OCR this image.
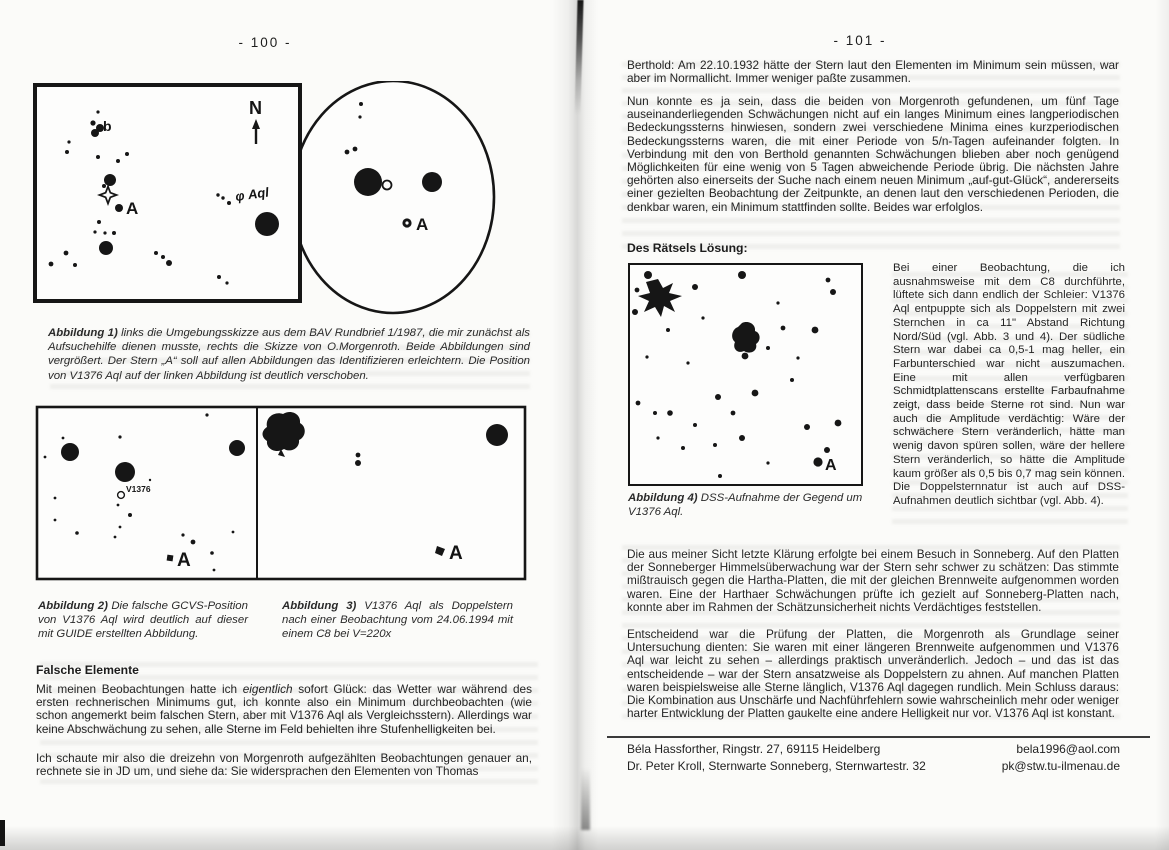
- 100 -
A
N
b
A
φ Aql
Abbildung 1) links die Umgebungsskizze aus dem BAV Rundbrief 1/1987, die mir zunächst als Aufsuchehilfe dienen musste, rechts die Skizze von O.Morgenroth. Beide Abbildungen sind vergrößert. Der Stern „A“ soll auf allen Abbildungen das Identifizieren erleichtern. Die Position von V1376 Aql auf der linken Abbildung ist deutlich verschoben.
V1376
A	A
Abbildung 2) Die falsche GCVS-Position von V1376 Aql wird deutlich auf dieser mit GUIDE erstellten Abbildung.
Abbildung 3) V1376 Aql als Doppelstern nach einer Beobachtung vom 24.06.1994 mit einem C8 bei V=220x
Falsche Elemente
Mit meinen Beobachtungen hatte ich eigentlich sofort Glück: das Wetter war während des ersten rechnerischen Minimums gut, ich konnte also ein Minimum durchbeobachten (wie schon angemerkt beim falschen Stern, aber mit V1376 Aql als Vergleichsstern). Allerdings war keine Abschwächung zu sehen, alle Sterne im Feld behielten ihre Stufenhelligkeiten bei.
Ich schaute mir also die dreizehn von Morgenroth aufgezählten Beobachtungen genauer an, rechnete sie in JD um, und siehe da: Sie widersprachen den Elementen von Thomas
- 101 -
Berthold: Am 22.10.1932 hätte der Stern laut den Elementen im Minimum sein müssen, war aber im Normallicht. Immer weniger paßte zusammen.
Nun konnte es ja sein, dass die beiden von Morgenroth gefundenen, um fünf Tage auseinanderliegenden Schwächungen nicht auf ein langes Minimum eines langperiodischen Bedeckungssterns hinwiesen, sondern zwei verschiedene Minima eines kurzperiodischen Bedeckungssterns waren, die mit einer Periode von 5/n-Tagen aufeinander folgten. In Verbindung mit den von Berthold genannten Schwächungen blieben aber noch genügend Möglichkeiten für eine wenig von 5 Tagen abweichende Periode übrig. Die nächsten Jahre gehörten also einerseits der Suche nach einem neuen Minimum „auf-gut-Glück“, andererseits einer gezielten Beobachtung der Zeitpunkte, an denen laut den verschiedenen Perioden, die denkbar waren, ein Minimum stattfinden sollte. Beides war erfolglos.
Des Rätsels Lösung:
A
Bei einer Beobachtung, die ich ausnahmsweise mit dem C8 durchführte, lüftete sich dann endlich der Schleier: V1376 Aql entpuppte sich als Doppelstern mit zwei Sternchen in ca 11" Abstand Richtung Nord/Süd (vgl. Abb. 3 und 4). Der südliche Stern war dabei ca 0,5-1 mag heller, ein Farbunterschied war nicht auszumachen. Eine mit allen verfügbaren Schmidtplattenscans erstellte Farbaufnahme zeigt, dass beide Sterne rot sind. Nun war auch die Amplitude verdächtig: Wäre der schwächere Stern veränderlich, hätte man wenig davon spüren sollen, wäre der hellere Stern veränderlich, so hätte die Amplitude kaum größer als 0,5 bis 0,7 mag sein können. Die Doppelsternnatur ist auch auf DSS-Aufnahmen deutlich sichtbar (vgl. Abb. 4).
Abbildung 4) DSS-Aufnahme der Gegend um V1376 Aql.
Die aus meiner Sicht letzte Klärung erfolgte bei einem Besuch in Sonneberg. Auf den Platten der Sonneberger Himmelsüberwachung war der Stern sehr schwer zu schätzen: Das stimmte mißtrauisch gegen die Hartha-Platten, die mit der gleichen Brennweite aufgenommen worden waren. Eine der Harthaer Schwächungen prüfte ich gezielt auf Sonneberg-Platten nach, konnte aber im Rahmen der Schätzunsicherheit nichts Verdächtiges feststellen.
Entscheidend war die Prüfung der Platten, die Morgenroth als Grundlage seiner Untersuchung dienten: Sie waren mit einer längeren Brennweite aufgenommen und V1376 Aql war leicht zu sehen – allerdings praktisch unveränderlich. Jedoch – und das ist das entscheidende – war der Stern ansatzweise als Doppelstern zu ahnen. Auf manchen Platten waren beispielsweise alle Sterne länglich, V1376 Aql dagegen rundlich. Mein Schluss daraus: Die Kombination aus Unschärfe und Nachführfehlern sowie wahrscheinlich mehr oder weniger harter Entwicklung der Platten gaukelte eine andere Helligkeit nur vor. V1376 Aql ist konstant.
Béla Hassforther, Ringstr. 27, 69115 Heidelberg	bela1996@aol.com
Dr. Peter Kroll, Sternwarte Sonneberg, Sternwartestr. 32	pk@stw.tu-ilmenau.de
